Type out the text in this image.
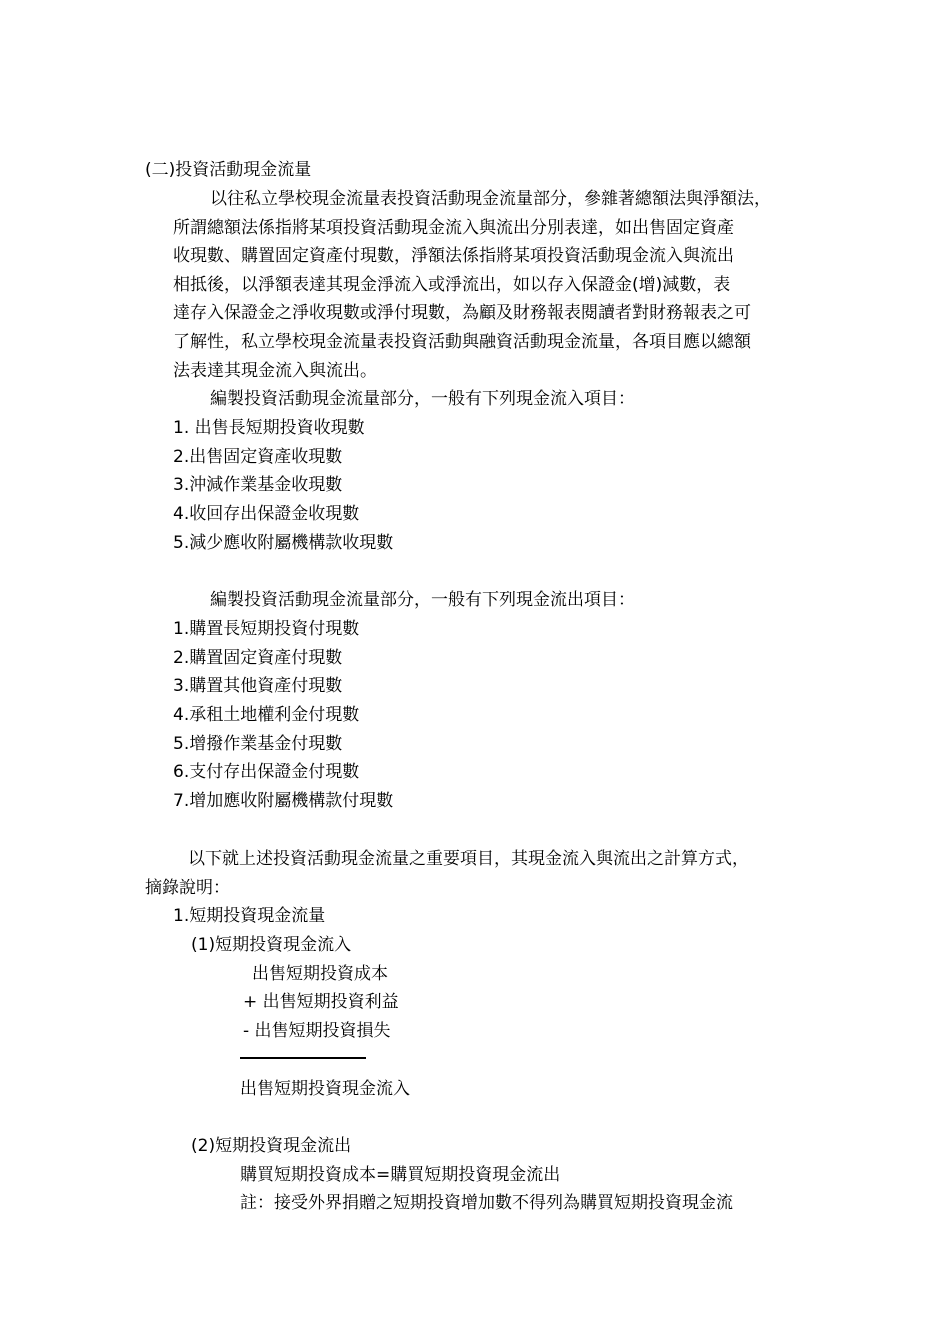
(二)投資活動現金流量
以往私立學校現金流量表投資活動現金流量部分，參雜著總額法與淨額法，
所謂總額法係指將某項投資活動現金流入與流出分別表達，如出售固定資產
收現數、購置固定資產付現數，淨額法係指將某項投資活動現金流入與流出
相抵後，以淨額表達其現金淨流入或淨流出，如以存入保證金(增)減數，表
達存入保證金之淨收現數或淨付現數，為顧及財務報表閱讀者對財務報表之可
了解性，私立學校現金流量表投資活動與融資活動現金流量，各項目應以總額
法表達其現金流入與流出。
編製投資活動現金流量部分，一般有下列現金流入項目：
1. 出售長短期投資收現數
2.出售固定資產收現數
3.沖減作業基金收現數
4.收回存出保證金收現數
5.減少應收附屬機構款收現數
編製投資活動現金流量部分，一般有下列現金流出項目：
1.購置長短期投資付現數
2.購置固定資產付現數
3.購置其他資產付現數
4.承租土地權利金付現數
5.增撥作業基金付現數
6.支付存出保證金付現數
7.增加應收附屬機構款付現數
以下就上述投資活動現金流量之重要項目，其現金流入與流出之計算方式，
摘錄說明：
1.短期投資現金流量
(1)短期投資現金流入
出售短期投資成本
+ 出售短期投資利益
- 出售短期投資損失
出售短期投資現金流入
(2)短期投資現金流出
購買短期投資成本=購買短期投資現金流出
註：接受外界捐贈之短期投資增加數不得列為購買短期投資現金流
